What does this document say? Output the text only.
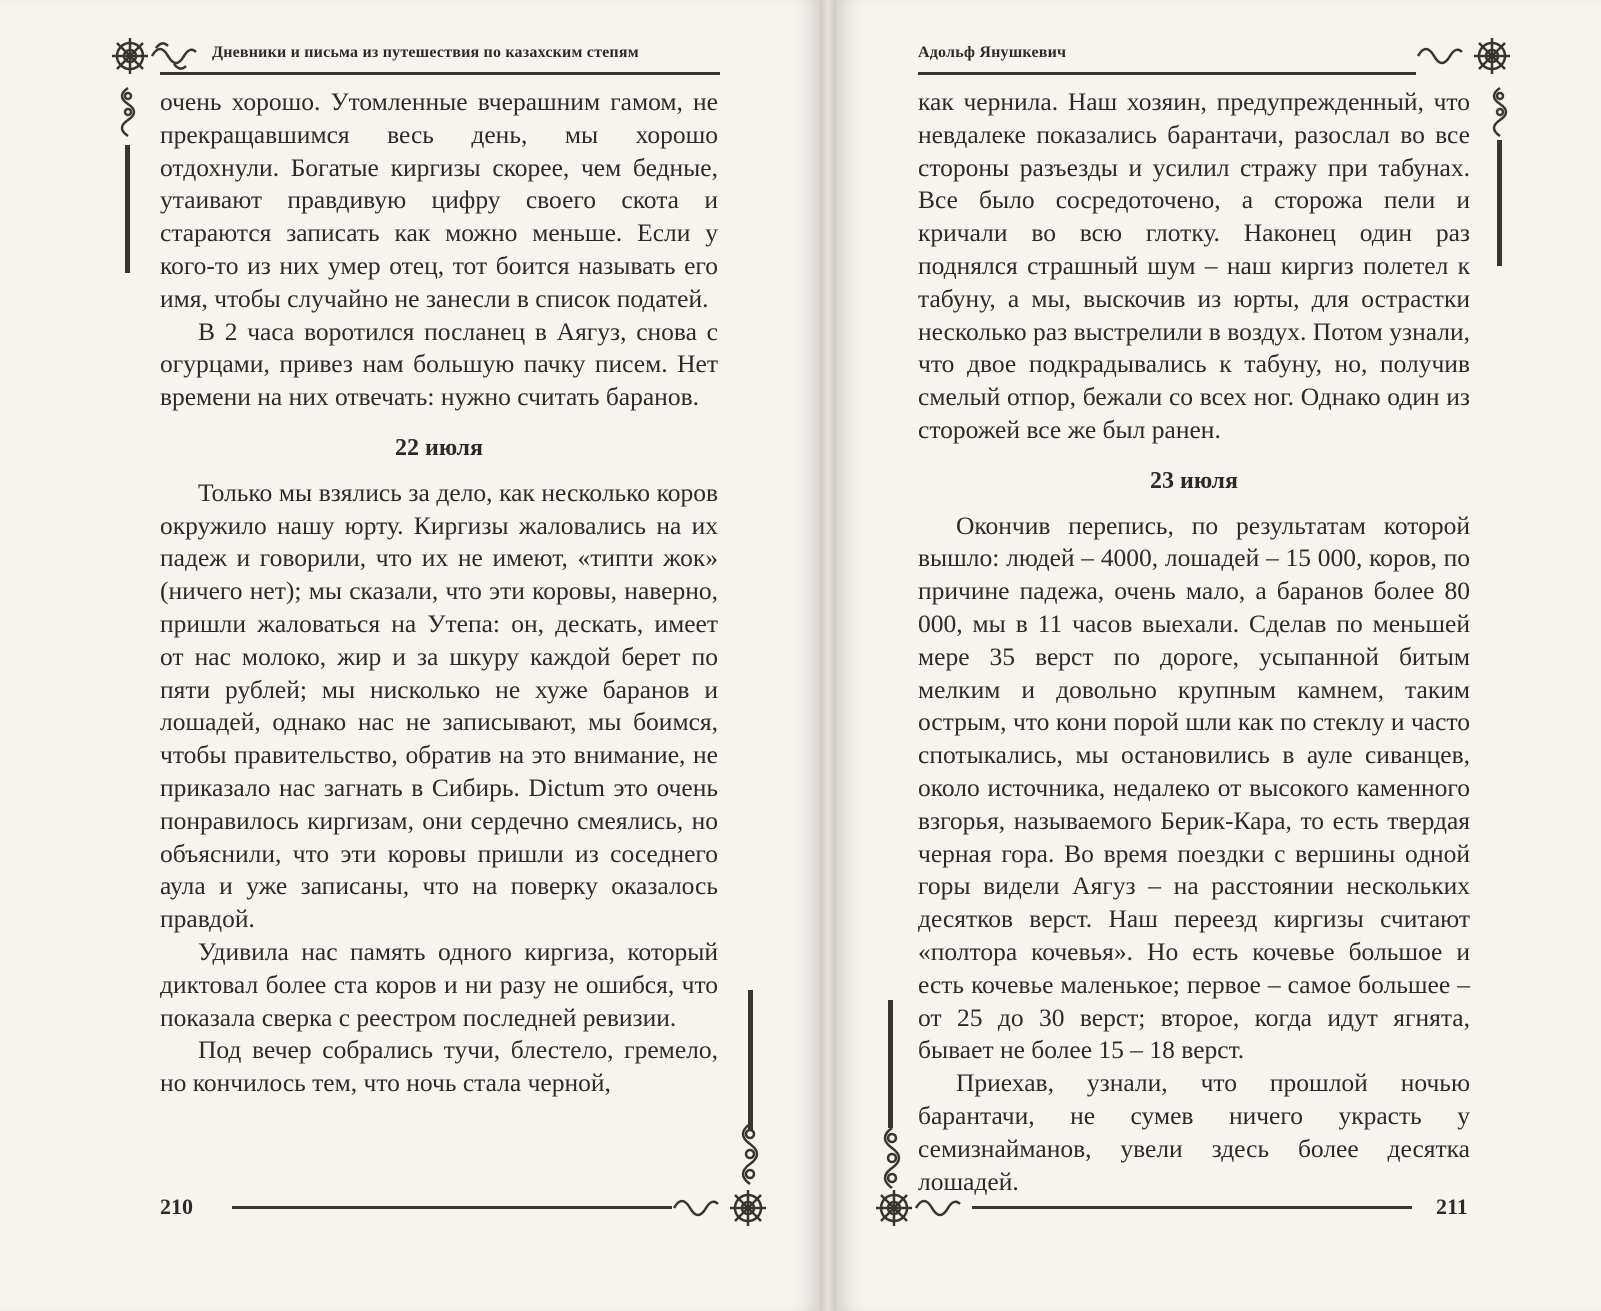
Дневники и письма из путешествия по казахским степям

очень хорошо. Утомленные вчерашним гамом, не прекращавшимся весь день, мы хорошо отдохнули. Богатые киргизы скорее, чем бедные, утаивают правдивую цифру своего скота и стараются записать как можно меньше. Если у кого-то из них умер отец, тот боится называть его имя, чтобы случайно не занесли в список податей.

В 2 часа воротился посланец в Аягуз, снова с огурцами, привез нам большую пачку писем. Нет времени на них отвечать: нужно считать баранов.

22 июля

Только мы взялись за дело, как несколько коров окружило нашу юрту. Киргизы жаловались на их падеж и говорили, что их не имеют, «типти жок» (ничего нет); мы сказали, что эти коровы, наверно, пришли жаловаться на Утепа: он, дескать, имеет от нас молоко, жир и за шкуру каждой берет по пяти рублей; мы нисколько не хуже баранов и лошадей, однако нас не записывают, мы боимся, чтобы правительство, обратив на это внимание, не приказало нас загнать в Сибирь. Dictum это очень понравилось киргизам, они сердечно смеялись, но объяснили, что эти коровы пришли из соседнего аула и уже записаны, что на поверку оказалось правдой.

Удивила нас память одного киргиза, который диктовал более ста коров и ни разу не ошибся, что показала сверка с реестром последней ревизии.

Под вечер собрались тучи, блестело, гремело, но кончилось тем, что ночь стала черной,

210
Адольф Янушкевич

как чернила. Наш хозяин, предупрежденный, что невдалеке показались барантачи, разослал во все стороны разъезды и усилил стражу при табунах. Все было сосредоточено, а сторожа пели и кричали во всю глотку. Наконец один раз поднялся страшный шум – наш киргиз полетел к табуну, а мы, выскочив из юрты, для острастки несколько раз выстрелили в воздух. Потом узнали, что двое подкрадывались к табуну, но, получив смелый отпор, бежали со всех ног. Однако один из сторожей все же был ранен.

23 июля

Окончив перепись, по результатам которой вышло: людей – 4000, лошадей – 15 000, коров, по причине падежа, очень мало, а баранов более 80 000, мы в 11 часов выехали. Сделав по меньшей мере 35 верст по дороге, усыпанной битым мелким и довольно крупным камнем, таким острым, что кони порой шли как по стеклу и часто спотыкались, мы остановились в ауле сиванцев, около источника, недалеко от высокого каменного взгорья, называемого Берик-Кара, то есть твердая черная гора. Во время поездки с вершины одной горы видели Аягуз – на расстоянии нескольких десятков верст. Наш переезд киргизы считают «полтора кочевья». Но есть кочевье большое и есть кочевье маленькое; первое – самое большее – от 25 до 30 верст; второе, когда идут ягнята, бывает не более 15 – 18 верст.

Приехав, узнали, что прошлой ночью барантачи, не сумев ничего украсть у семизнайманов, увели здесь более десятка лошадей.

211
